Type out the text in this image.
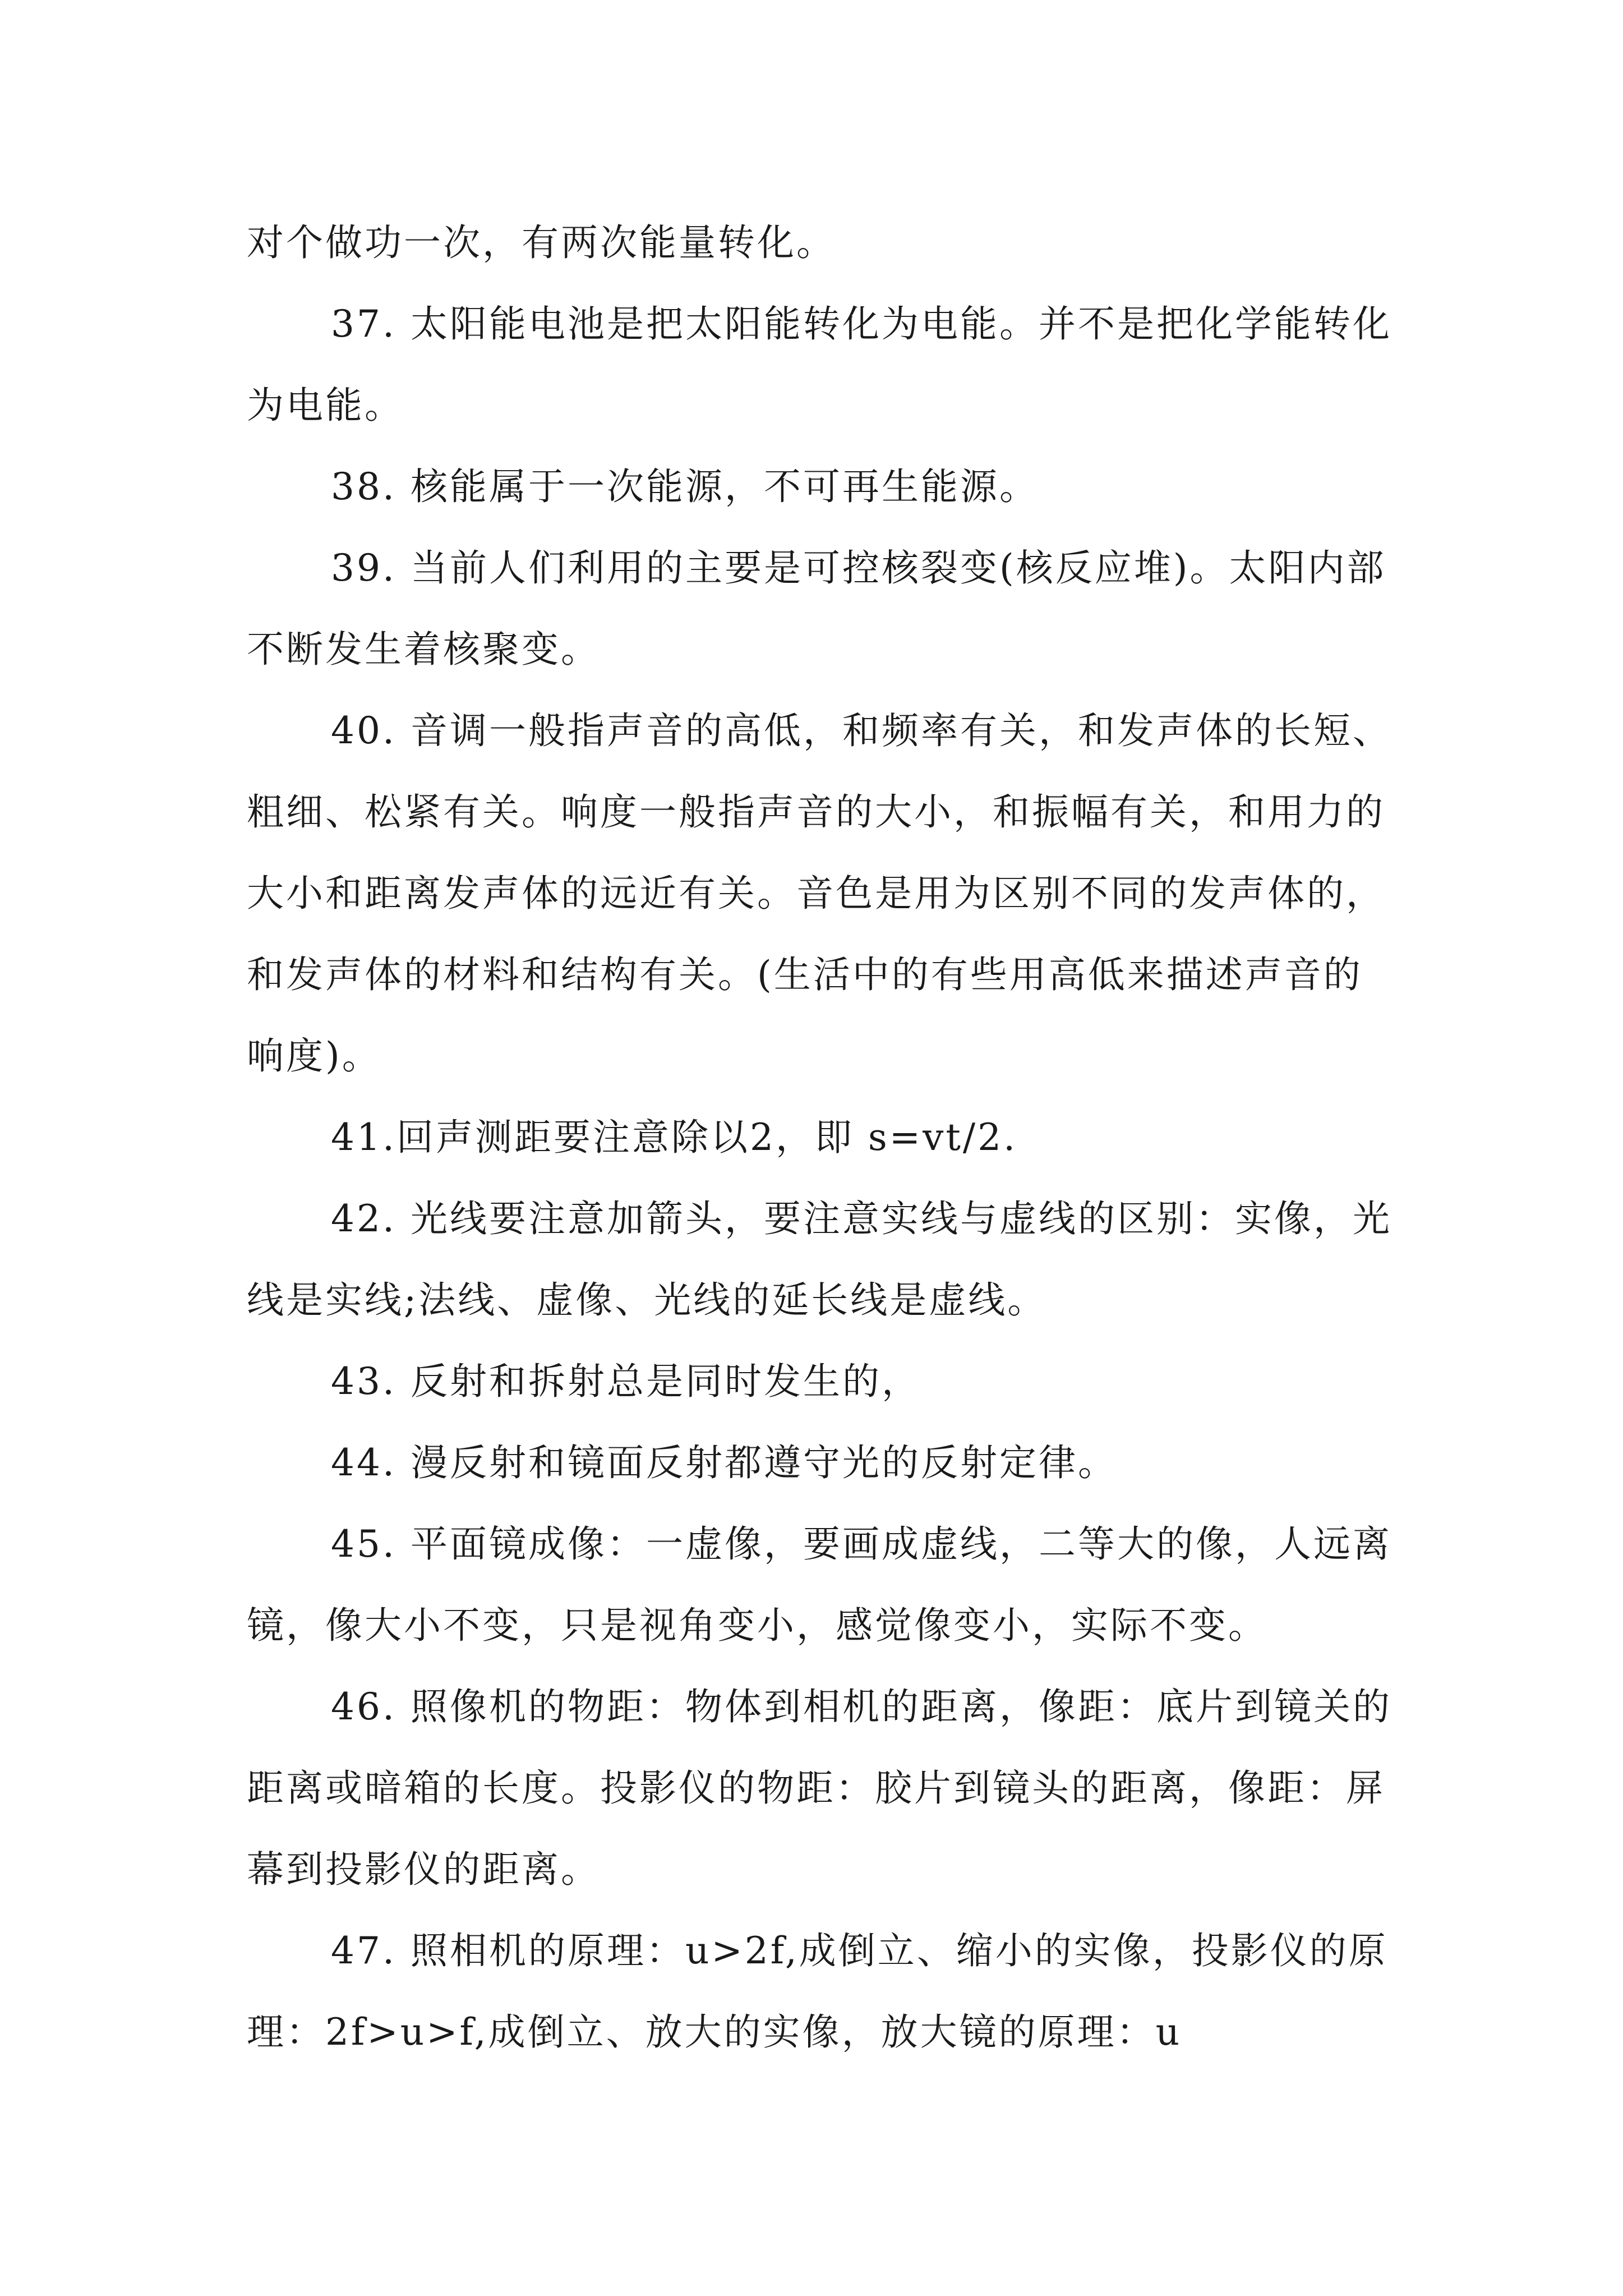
对个做功一次，有两次能量转化。

37. 太阳能电池是把太阳能转化为电能。并不是把化学能转化为电能。

38. 核能属于一次能源，不可再生能源。

39. 当前人们利用的主要是可控核裂变(核反应堆)。太阳内部不断发生着核聚变。

40. 音调一般指声音的高低，和频率有关，和发声体的长短、粗细、松紧有关。响度一般指声音的大小，和振幅有关，和用力的大小和距离发声体的远近有关。音色是用为区别不同的发声体的，和发声体的材料和结构有关。(生活中的有些用高低来描述声音的响度)。

41.回声测距要注意除以2，即 s=vt/2.

42. 光线要注意加箭头，要注意实线与虚线的区别：实像，光线是实线;法线、虚像、光线的延长线是虚线。

43. 反射和拆射总是同时发生的，

44. 漫反射和镜面反射都遵守光的反射定律。

45. 平面镜成像：一虚像，要画成虚线，二等大的像，人远离镜，像大小不变，只是视角变小，感觉像变小，实际不变。

46. 照像机的物距：物体到相机的距离，像距：底片到镜关的距离或暗箱的长度。投影仪的物距：胶片到镜头的距离，像距：屏幕到投影仪的距离。

47. 照相机的原理：u>2f,成倒立、缩小的实像，投影仪的原理：2f>u>f,成倒立、放大的实像，放大镜的原理：u
